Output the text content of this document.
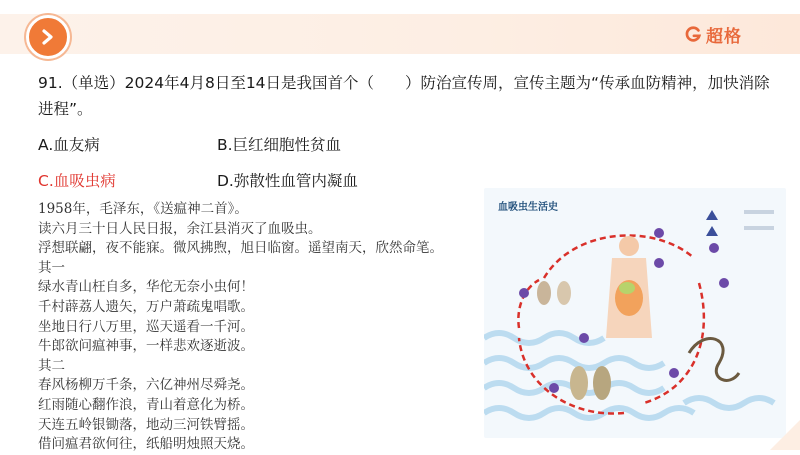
超格
91.（单选）2024年4月8日至14日是我国首个（　　）防治宣传周，宣传主题为“传承血防精神，加快消除进程”。
A.血友病	B.巨红细胞性贫血
C.血吸虫病	D.弥散性血管内凝血
1958年，毛泽东，《送瘟神二首》。
读六月三十日人民日报，余江县消灭了血吸虫。
浮想联翩，夜不能寐。微风拂煦，旭日临窗。遥望南天，欣然命笔。
其一
绿水青山枉自多，华佗无奈小虫何！
千村薜荔人遗矢，万户萧疏鬼唱歌。
坐地日行八万里，巡天遥看一千河。
牛郎欲问瘟神事，一样悲欢逐逝波。
其二
春风杨柳万千条，六亿神州尽舜尧。
红雨随心翻作浪，青山着意化为桥。
天连五岭银锄落，地动三河铁臂摇。
借问瘟君欲何往，纸船明烛照天烧。
血吸虫生活史
